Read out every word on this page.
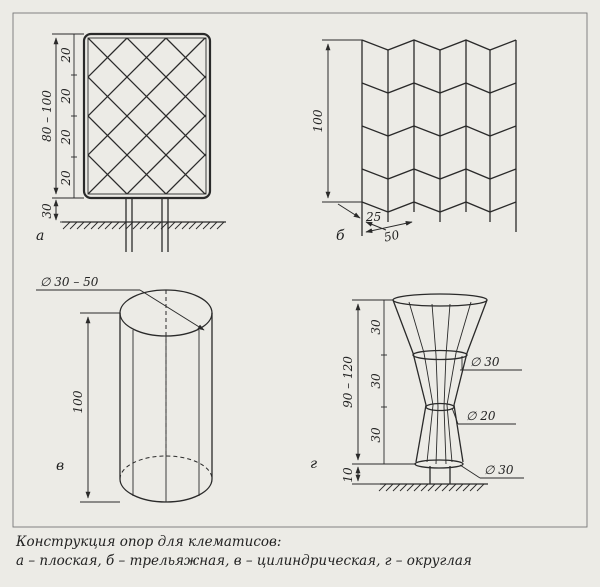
20
20
20
20
80 – 100
30
а
100
25
50
б
∅ 30 – 50
100
в
30
30
30
90 – 120
10
∅ 30
∅ 20
∅ 30
г
Конструкция опор для клематисов:
а – плоская, б – трельяжная, в – цилиндрическая, г – округлая
